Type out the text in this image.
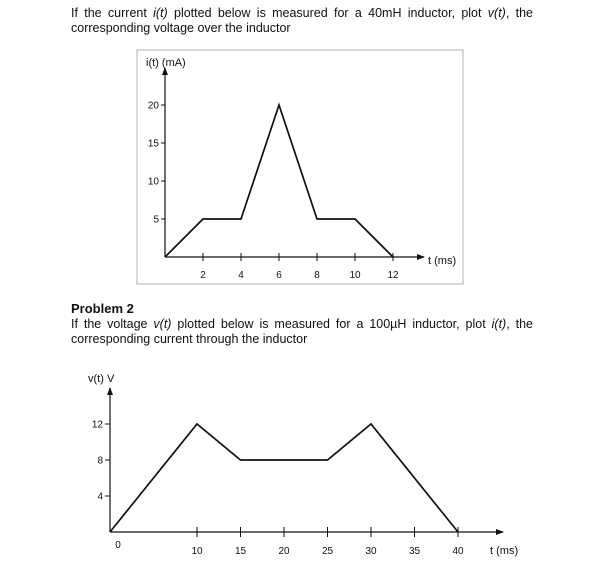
If the current i(t) plotted below is measured for a 40mH inductor, plot v(t), the corresponding voltage over the inductor

Problem 2

If the voltage v(t) plotted below is measured for a 100µH inductor, plot i(t), the corresponding current through the inductor

2	4	6	8	10	12
5
10
15
20
t (ms)
i(t) (mA)
10	15	20	25	30	35	40
4
8
12
0	t (ms)
v(t) V
